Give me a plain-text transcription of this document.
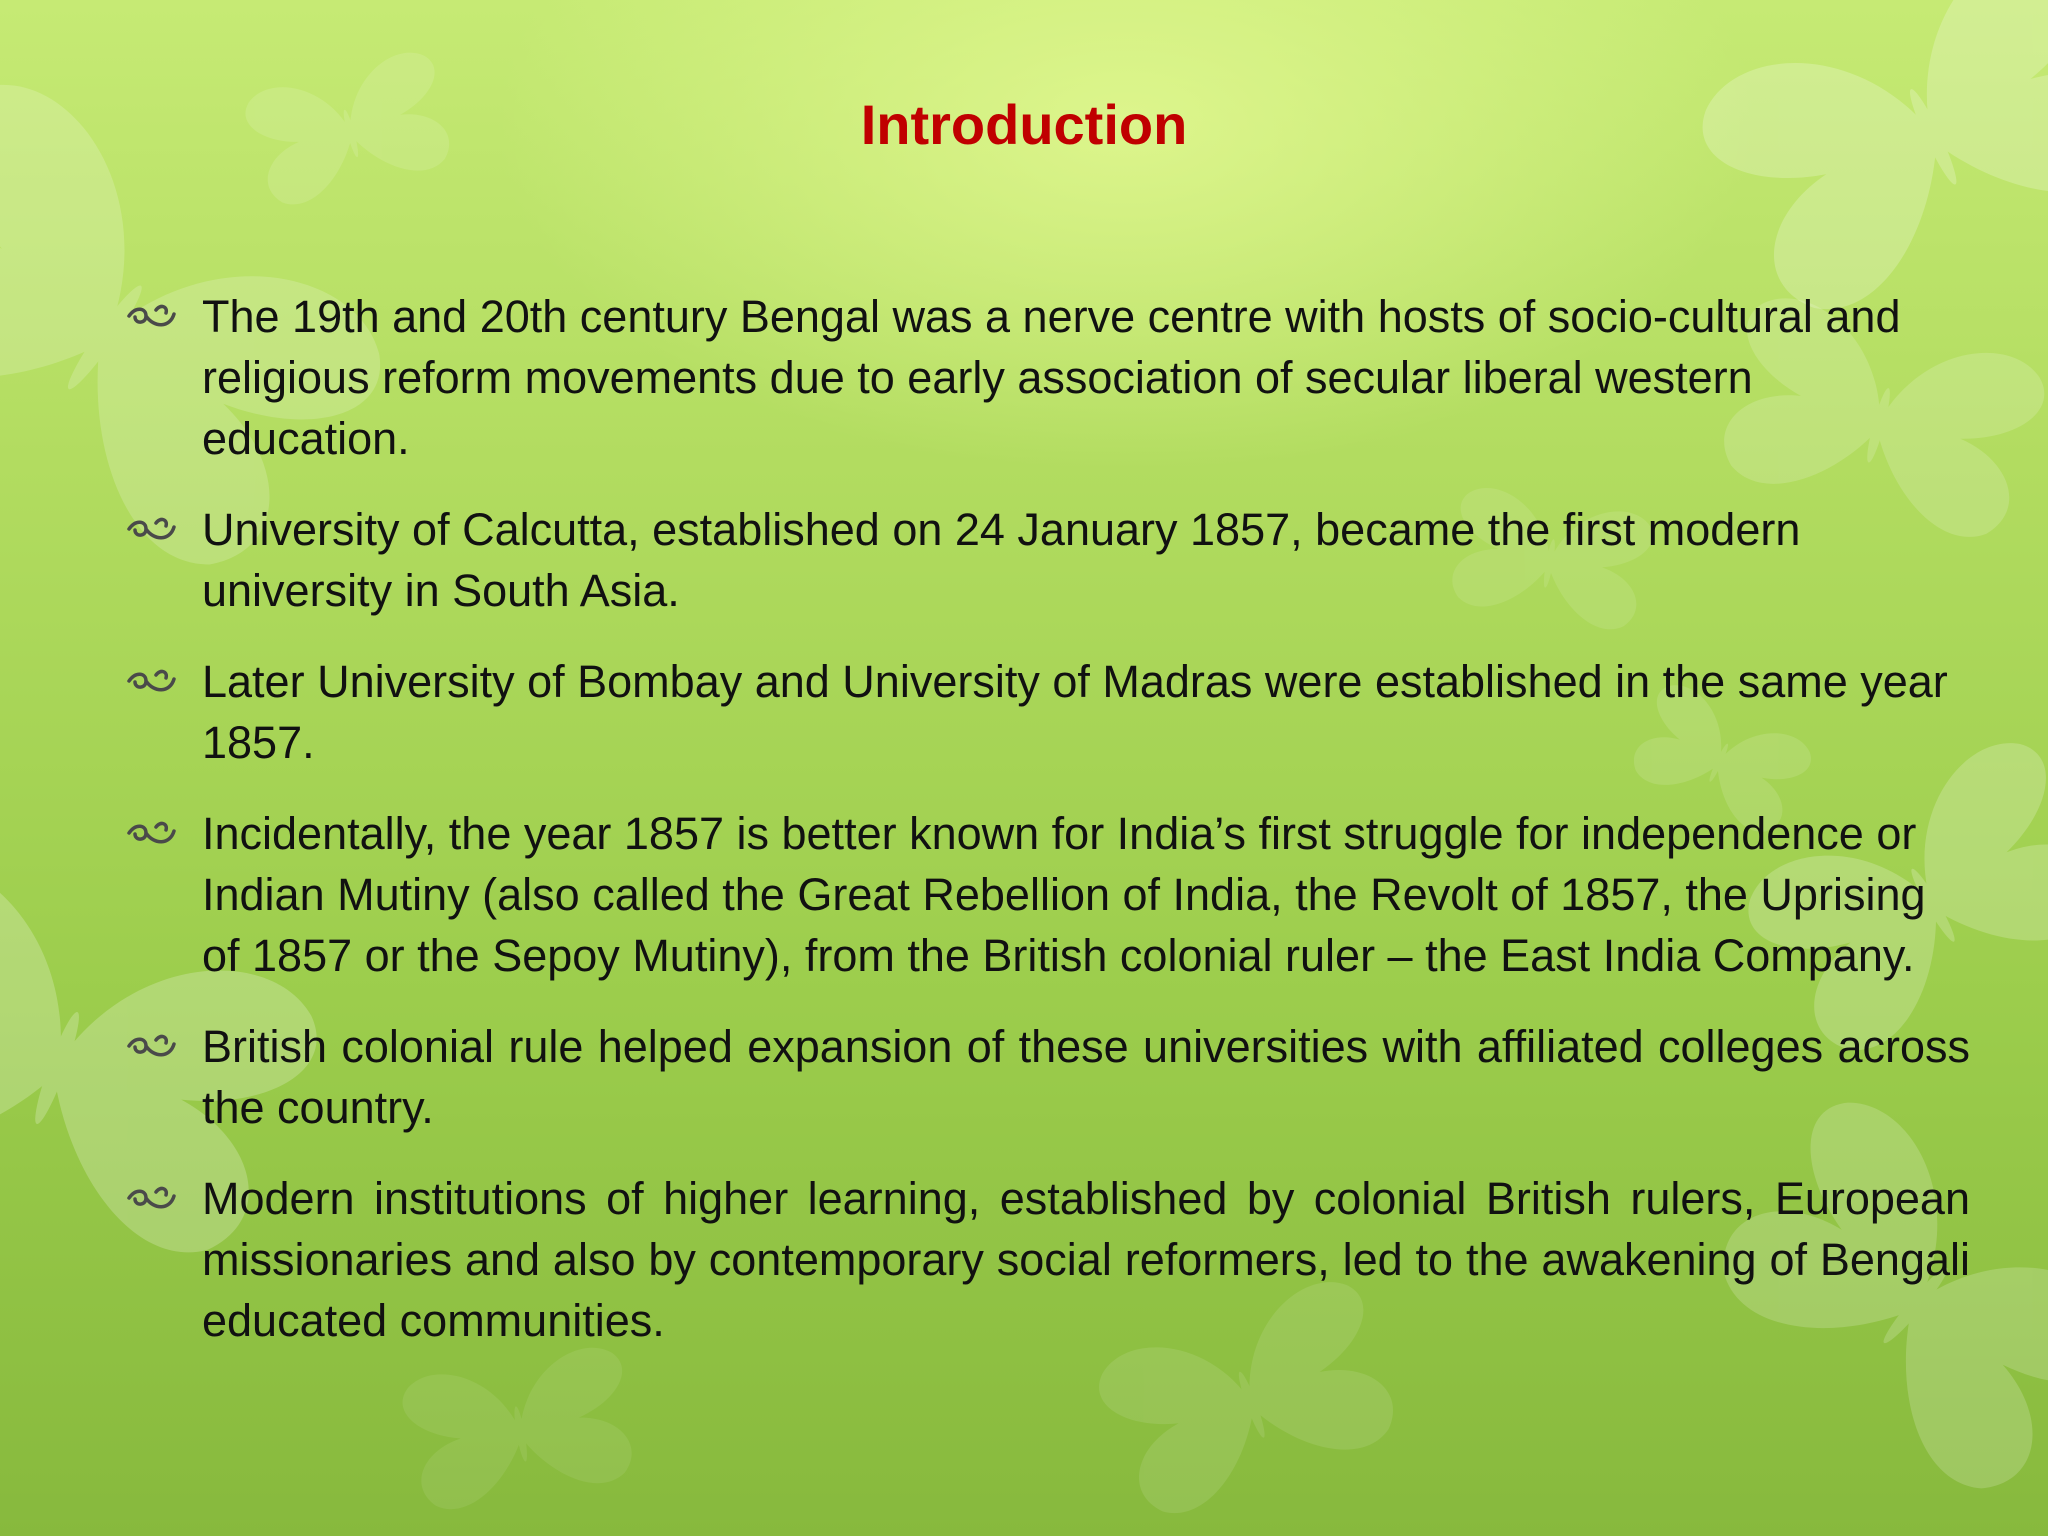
Introduction
The 19th and 20th century Bengal was a nerve centre with hosts of socio-cultural and religious reform movements due to early association of secular liberal western education.
University of Calcutta, established on 24 January 1857, became the first modern university in South Asia.
Later University of Bombay and University of Madras were established in the same year 1857.
Incidentally, the year 1857 is better known for India’s first struggle for independence or Indian Mutiny (also called the Great Rebellion of India, the Revolt of 1857, the Uprising of 1857 or the Sepoy Mutiny), from the British colonial ruler – the East India Company.
British colonial rule helped expansion of these universities with affiliated colleges across the country.
Modern institutions of higher learning, established by colonial British rulers, European missionaries and also by contemporary social reformers, led to the awakening of Bengali educated communities.
